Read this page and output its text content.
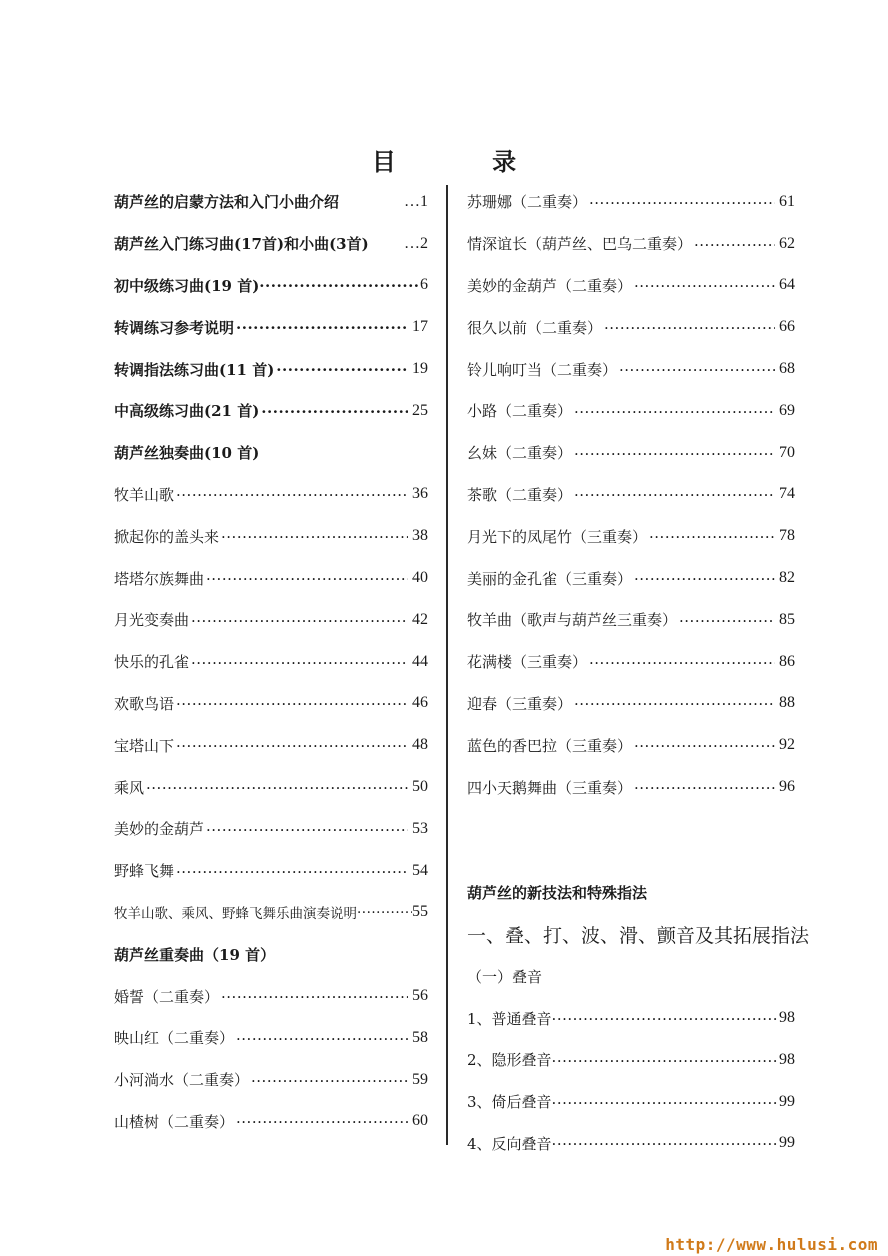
目 录
葫芦丝的启蒙方法和入门小曲介绍	…1
葫芦丝入门练习曲(17首)和小曲(3首) …2
初中级练习曲(19 首) ·····	6
转调练习参考说明 ·····	17
转调指法练习曲(11 首) ·····	19
中高级练习曲(21 首) ·····	25
葫芦丝独奏曲(10 首)
牧羊山歌 ·····	36
掀起你的盖头来 ·····	38
塔塔尔族舞曲 ·····	40
月光变奏曲 ·····	42
快乐的孔雀 ·····	44
欢歌鸟语 ·····	46
宝塔山下 ·····	48
乘风 ·····	50
美妙的金葫芦 ·····	53
野蜂飞舞 ·····	54
牧羊山歌、乘风、野蜂飞舞乐曲演奏说明 ·····	55
葫芦丝重奏曲（19 首）
婚誓（二重奏） ·····	56
映山红（二重奏） ·····	58
小河淌水（二重奏） ·····	59
山楂树（二重奏） ·····	60
苏珊娜（二重奏） ·····	61
情深谊长（葫芦丝、巴乌二重奏） ·····	62
美妙的金葫芦（二重奏） ·····	64
很久以前（二重奏） ·····	66
铃儿响叮当（二重奏） ·····	68
小路（二重奏） ·····	69
幺妹（二重奏） ·····	70
茶歌（二重奏） ·····	74
月光下的凤尾竹（三重奏） ·····	78
美丽的金孔雀（三重奏） ·····	82
牧羊曲（歌声与葫芦丝三重奏） ·····	85
花满楼（三重奏） ·····	86
迎春（三重奏） ·····	88
蓝色的香巴拉（三重奏） ·····	92
四小天鹅舞曲（三重奏） ·····	96
葫芦丝的新技法和特殊指法
一、叠、打、波、滑、颤音及其拓展指法
（一）叠音
1、普通叠音 ·····	98
2、隐形叠音 ·····	98
3、倚后叠音 ·····	99
4、反向叠音 ·····	99
http://www.hulusi.com
